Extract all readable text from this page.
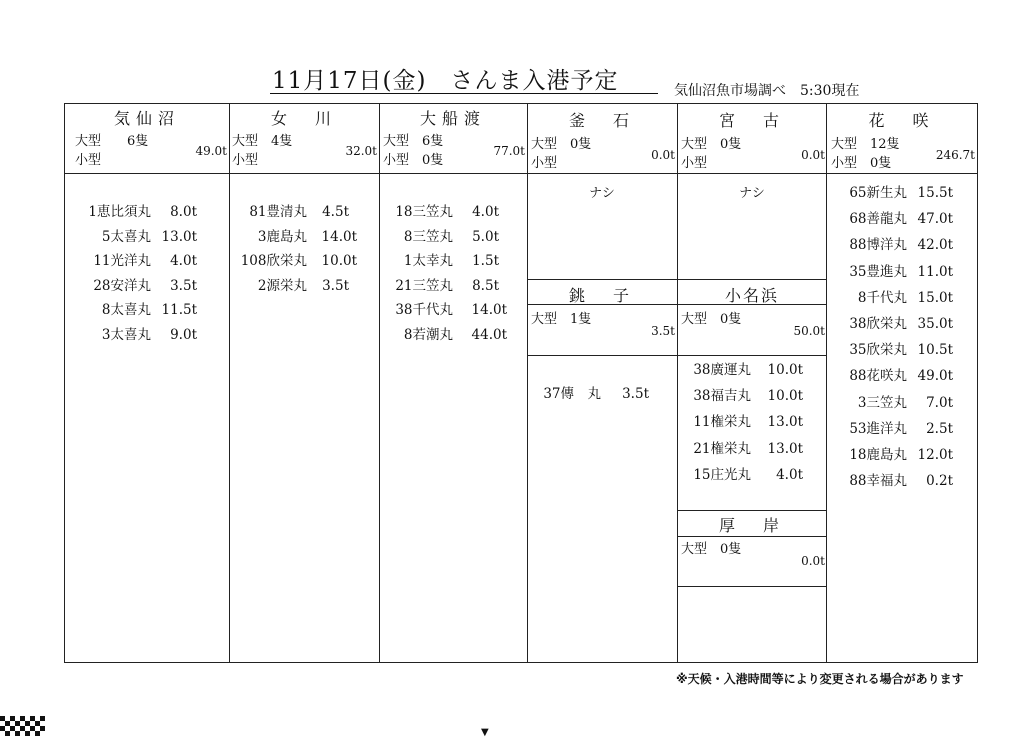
11月17日(金)　さんま入港予定	気仙沼魚市場調べ　5:30現在
気仙沼
大型　　6隻
小型
49.0t
1恵比須丸	8.0t
5太喜丸 13.0t
11光洋丸	4.0t
28安洋丸	3.5t
8太喜丸 11.5t
3太喜丸	9.0t
女　川
大型　4隻
小型
32.0t
81豊清丸	4.5t
3鹿島丸	14.0t
108欣栄丸	10.0t
2源栄丸	3.5t
大船渡
大型　6隻
小型　0隻
77.0t
18三笠丸	4.0t
8三笠丸	5.0t
1太幸丸	1.5t
21三笠丸	8.5t
38千代丸	14.0t
8若潮丸	44.0t
釜　石
大型　0隻
小型
0.0t
ナシ
宮　古
大型　0隻
小型
0.0t
ナシ
花　咲
大型　12隻
小型　0隻
246.7t
65新生丸 15.5t
68善龍丸 47.0t
88博洋丸 42.0t
35豊進丸 11.0t
8千代丸 15.0t
38欣栄丸 35.0t
35欣栄丸 10.5t
88花咲丸 49.0t
3三笠丸	7.0t
53進洋丸	2.5t
18鹿島丸 12.0t
88幸福丸	0.2t
銚　子
大型　1隻
3.5t
37傳　丸	3.5t
小名浜
大型　0隻
50.0t
38廣運丸	10.0t
38福吉丸	10.0t
11権栄丸	13.0t
21権栄丸	13.0t
15庄光丸	4.0t
厚　岸
大型　0隻
0.0t
※天候・入港時間等により変更される場合があります
▼
